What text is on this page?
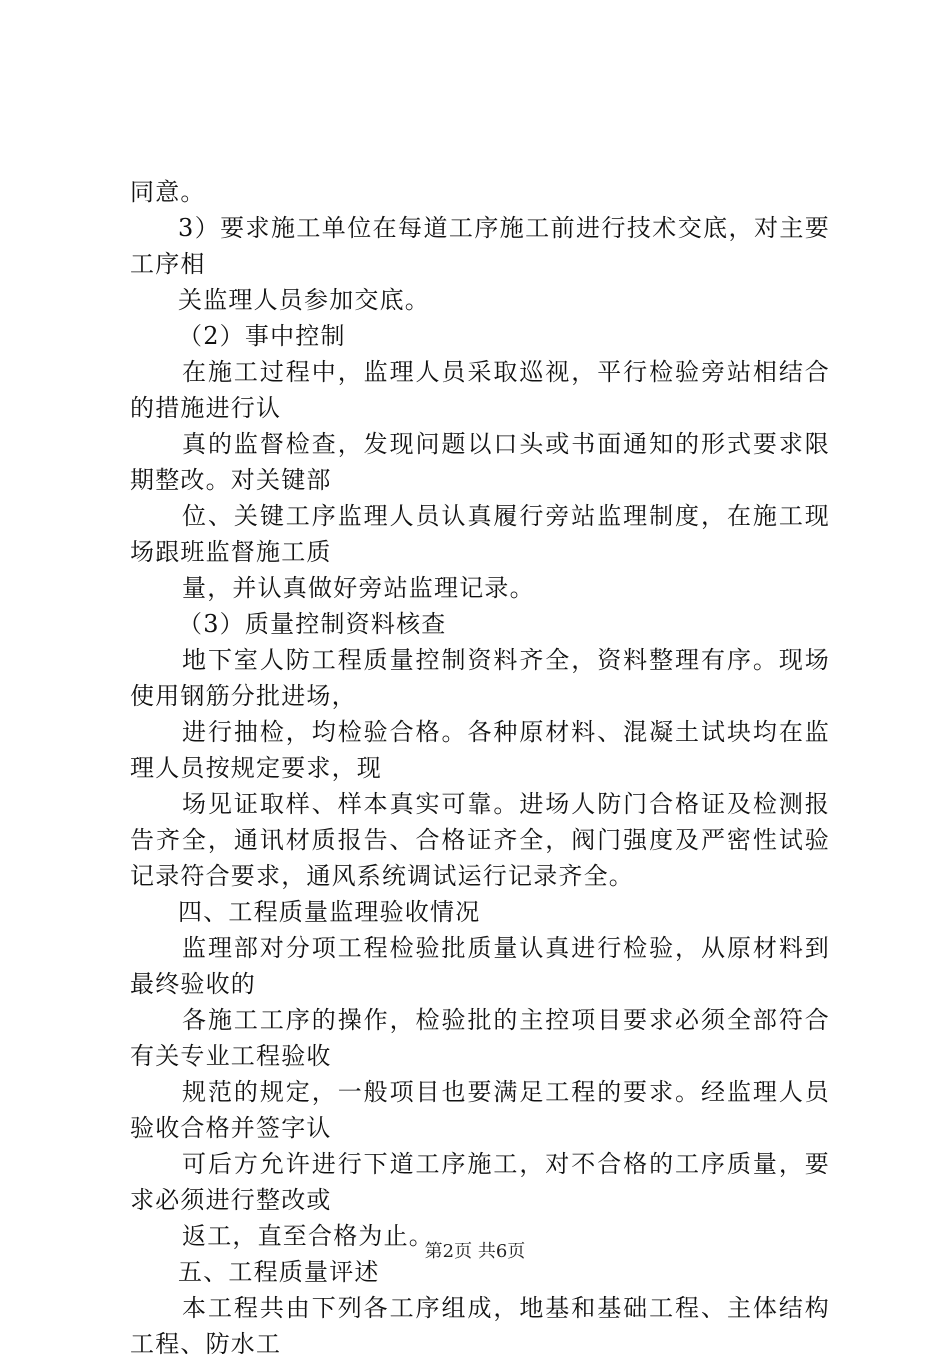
同意。
3）要求施工单位在每道工序施工前进行技术交底，对主要
工序相
关监理人员参加交底。
（2）事中控制
在施工过程中，监理人员采取巡视，平行检验旁站相结合
的措施进行认
真的监督检查，发现问题以口头或书面通知的形式要求限
期整改。对关键部
位、关键工序监理人员认真履行旁站监理制度，在施工现
场跟班监督施工质
量，并认真做好旁站监理记录。
（3）质量控制资料核查
地下室人防工程质量控制资料齐全，资料整理有序。现场
使用钢筋分批进场，
进行抽检，均检验合格。各种原材料、混凝土试块均在监
理人员按规定要求，现
场见证取样、样本真实可靠。进场人防门合格证及检测报
告齐全，通讯材质报告、合格证齐全，阀门强度及严密性试验
记录符合要求，通风系统调试运行记录齐全。
四、工程质量监理验收情况
监理部对分项工程检验批质量认真进行检验，从原材料到
最终验收的
各施工工序的操作，检验批的主控项目要求必须全部符合
有关专业工程验收
规范的规定，一般项目也要满足工程的要求。经监理人员
验收合格并签字认
可后方允许进行下道工序施工，对不合格的工序质量，要
求必须进行整改或
返工，直至合格为止。
五、工程质量评述
本工程共由下列各工序组成，地基和基础工程、主体结构
工程、防水工
第2页 共6页
